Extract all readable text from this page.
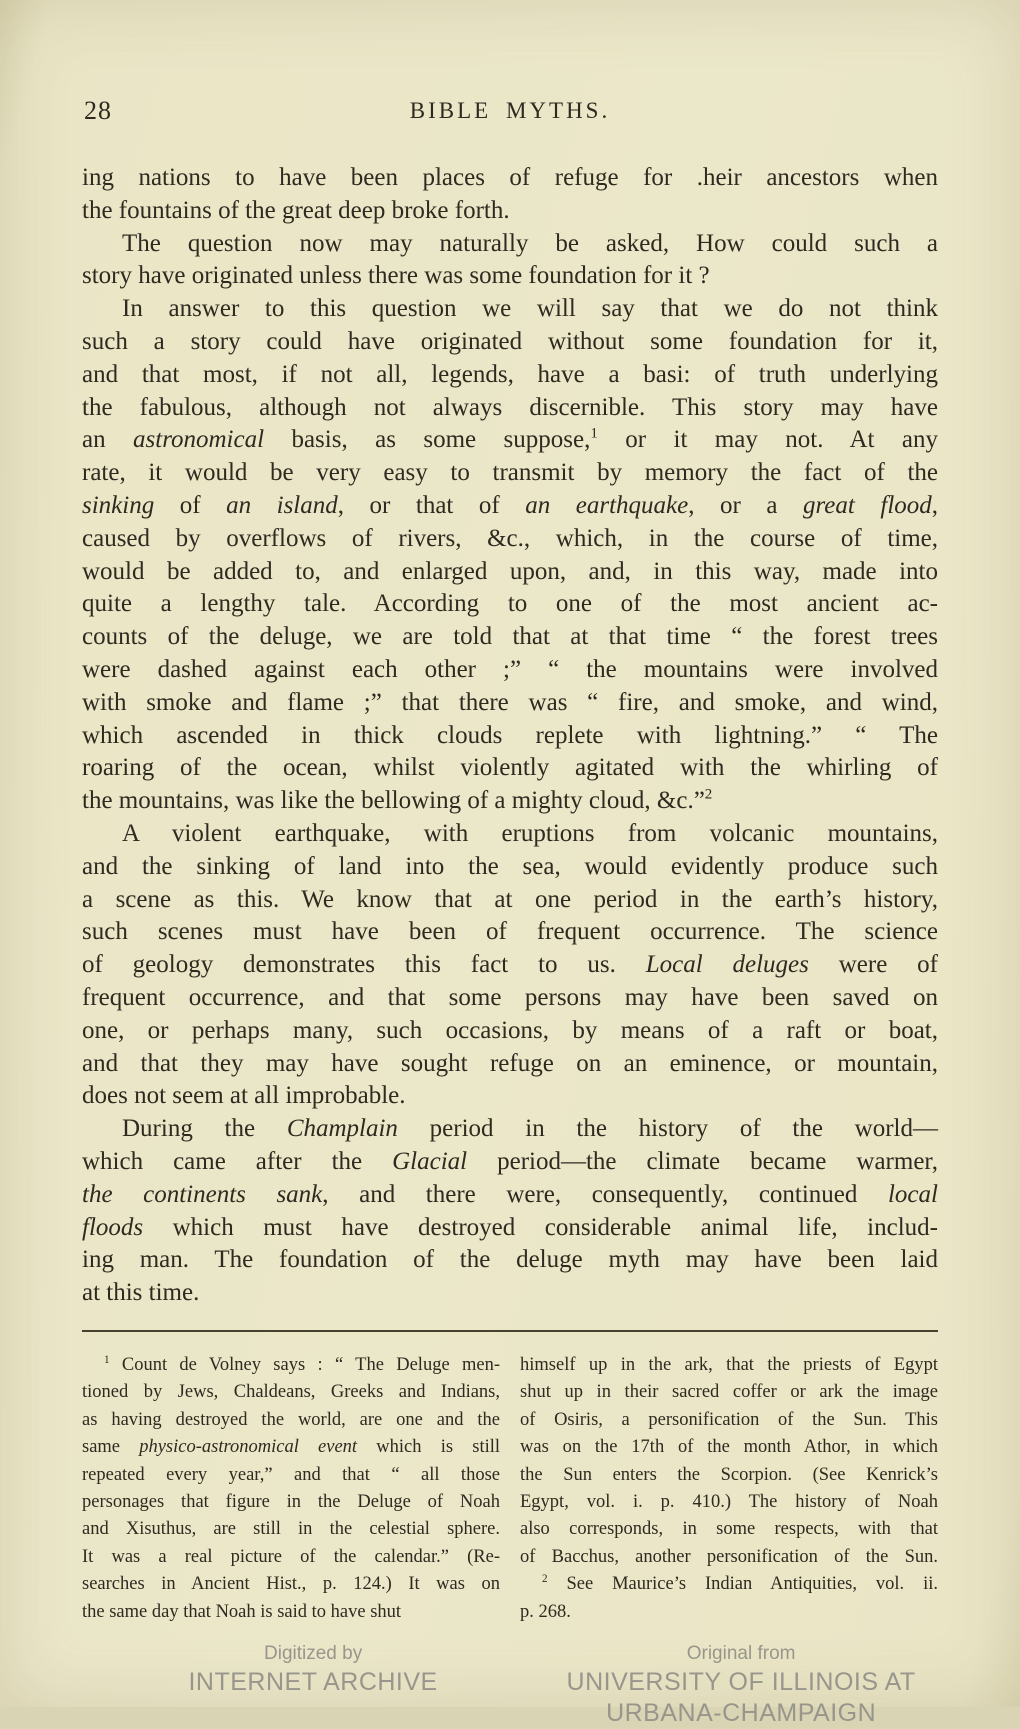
28	BIBLE MYTHS.
ing nations to have been places of refuge for .heir ancestors when
the fountains of the great deep broke forth.
The question now may naturally be asked, How could such a
story have originated unless there was some foundation for it ?
In answer to this question we will say that we do not think
such a story could have originated without some foundation for it,
and that most, if not all, legends, have a basi: of truth underlying
the fabulous, although not always discernible. This story may have
an astronomical basis, as some suppose,$^1$ or it may not. At any
rate, it would be very easy to transmit by memory the fact of the
sinking of an island, or that of an earthquake, or a great flood,
caused by overflows of rivers, &c., which, in the course of time,
would be added to, and enlarged upon, and, in this way, made into
quite a lengthy tale. According to one of the most ancient ac-
counts of the deluge, we are told that at that time “ the forest trees
were dashed against each other ;” “ the mountains were involved
with smoke and flame ;” that there was “ fire, and smoke, and wind,
which ascended in thick clouds replete with lightning.” “ The
roaring of the ocean, whilst violently agitated with the whirling of
the mountains, was like the bellowing of a mighty cloud, &c.”$^2$
A violent earthquake, with eruptions from volcanic mountains,
and the sinking of land into the sea, would evidently produce such
a scene as this. We know that at one period in the earth’s history,
such scenes must have been of frequent occurrence. The science
of geology demonstrates this fact to us. Local deluges were of
frequent occurrence, and that some persons may have been saved on
one, or perhaps many, such occasions, by means of a raft or boat,
and that they may have sought refuge on an eminence, or mountain,
does not seem at all improbable.
During the Champlain period in the history of the world—
which came after the Glacial period—the climate became warmer,
the continents sank, and there were, consequently, continued local
floods which must have destroyed considerable animal life, includ-
ing man. The foundation of the deluge myth may have been laid
at this time.
$^1$ Count de Volney says : “ The Deluge men-
tioned by Jews, Chaldeans, Greeks and Indians,
as having destroyed the world, are one and the
same physico-astronomical event which is still
repeated every year,” and that “ all those
personages that figure in the Deluge of Noah
and Xisuthus, are still in the celestial sphere.
It was a real picture of the calendar.” (Re-
searches in Ancient Hist., p. 124.) It was on
the same day that Noah is said to have shut
himself up in the ark, that the priests of Egypt
shut up in their sacred coffer or ark the image
of Osiris, a personification of the Sun. This
was on the 17th of the month Athor, in which
the Sun enters the Scorpion. (See Kenrick’s
Egypt, vol. i. p. 410.) The history of Noah
also corresponds, in some respects, with that
of Bacchus, another personification of the Sun.
$^2$ See Maurice’s Indian Antiquities, vol. ii.
p. 268.
Digitized by
INTERNET ARCHIVE
Original from
UNIVERSITY OF ILLINOIS AT
URBANA-CHAMPAIGN
